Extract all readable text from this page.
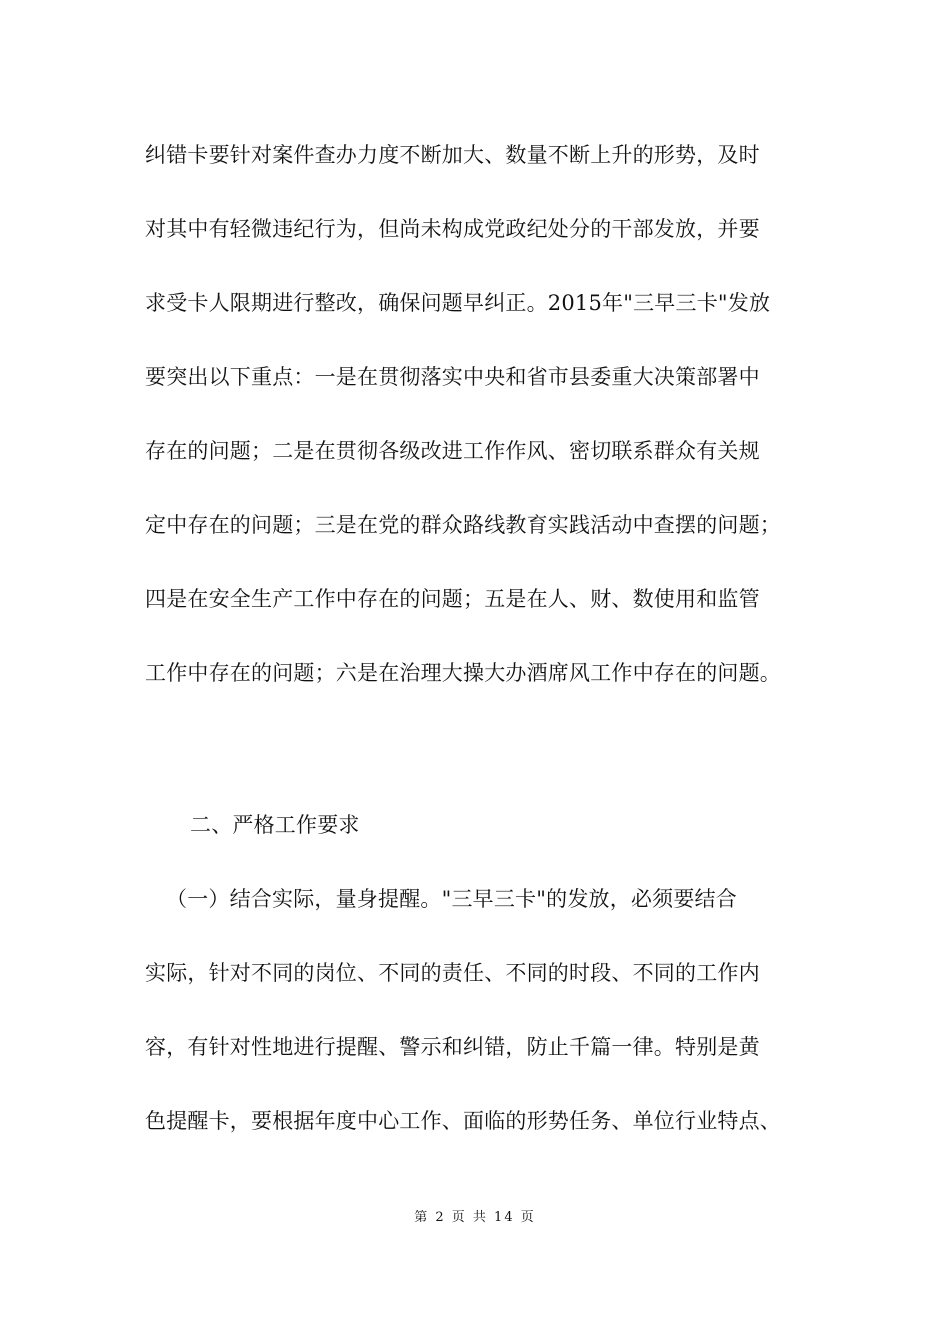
纠错卡要针对案件查办力度不断加大、数量不断上升的形势，及时
对其中有轻微违纪行为，但尚未构成党政纪处分的干部发放，并要
求受卡人限期进行整改，确保问题早纠正。2015年"三早三卡"发放
要突出以下重点：一是在贯彻落实中央和省市县委重大决策部署中
存在的问题；二是在贯彻各级改进工作作风、密切联系群众有关规
定中存在的问题；三是在党的群众路线教育实践活动中查摆的问题；
四是在安全生产工作中存在的问题；五是在人、财、数使用和监管
工作中存在的问题；六是在治理大操大办酒席风工作中存在的问题。
二、严格工作要求
（一）结合实际，量身提醒。"三早三卡"的发放，必须要结合
实际，针对不同的岗位、不同的责任、不同的时段、不同的工作内
容，有针对性地进行提醒、警示和纠错，防止千篇一律。特别是黄
色提醒卡，要根据年度中心工作、面临的形势任务、单位行业特点、
第 2 页 共 14 页
